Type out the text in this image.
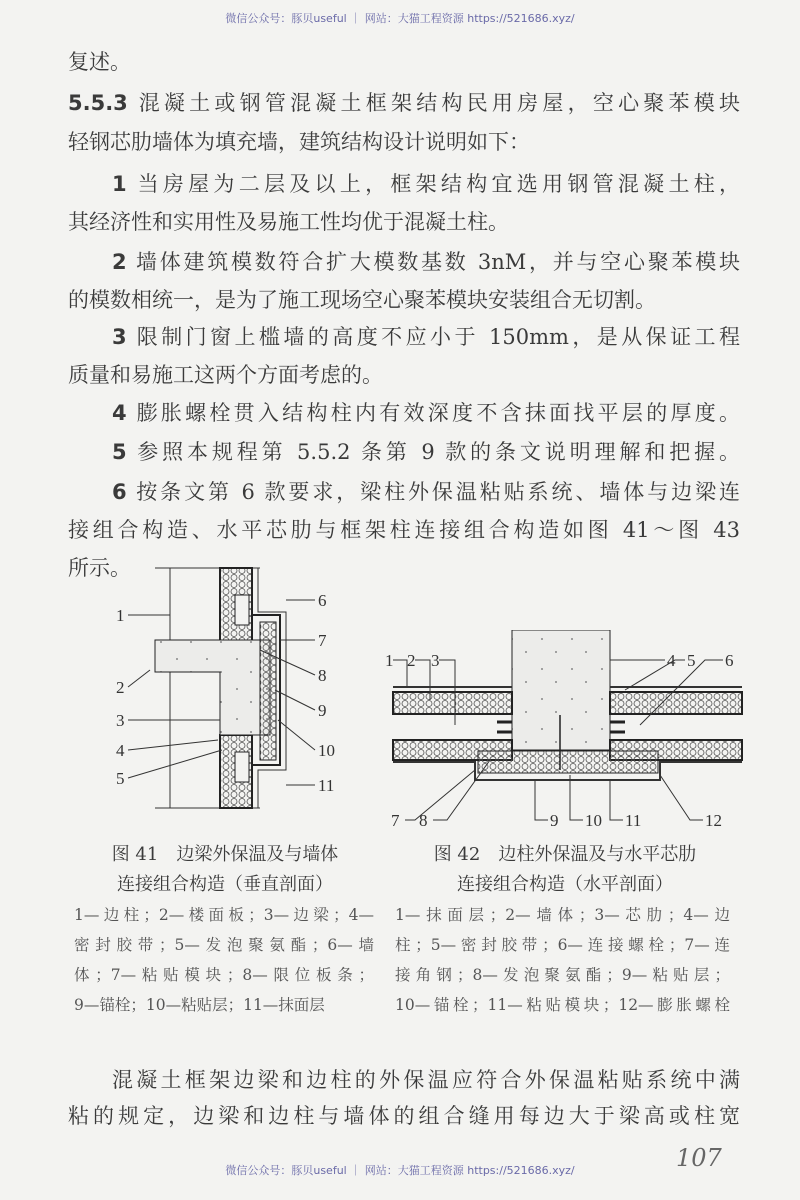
微信公众号：豚贝useful ｜ 网站：大猫工程资源 https://521686.xyz/
复述。
5.5.3 混凝土或钢管混凝土框架结构民用房屋，空心聚苯模块
轻钢芯肋墙体为填充墙，建筑结构设计说明如下：
1 当房屋为二层及以上，框架结构宜选用钢管混凝土柱，
其经济性和实用性及易施工性均优于混凝土柱。
2 墙体建筑模数符合扩大模数基数 3nM，并与空心聚苯模块
的模数相统一，是为了施工现场空心聚苯模块安装组合无切割。
3 限制门窗上槛墙的高度不应小于 150mm，是从保证工程
质量和易施工这两个方面考虑的。
4 膨胀螺栓贯入结构柱内有效深度不含抹面找平层的厚度。
5 参照本规程第 5.5.2 条第 9 款的条文说明理解和把握。
6 按条文第 6 款要求，梁柱外保温粘贴系统、墙体与边梁连
接组合构造、水平芯肋与框架柱连接组合构造如图 41～图 43
所示。
1
2
3
4
5
6
7
8
9
10
11
1 2 3	4 5 6
7 8	9 10 11	12
图 41　边梁外保温及与墙体
连接组合构造（垂直剖面）
图 42　边柱外保温及与水平芯肋
连接组合构造（水平剖面）
1—边柱；2—楼面板；3—边梁；4—
密封胶带；5—发泡聚氨酯；6—墙
体；7—粘贴模块；8—限位板条；
9—锚栓；10—粘贴层；11—抹面层
1—抹面层；2—墙体；3—芯肋；4—边
柱；5—密封胶带；6—连接螺栓；7—连
接角钢；8—发泡聚氨酯；9—粘贴层；
10—锚栓；11—粘贴模块；12—膨胀螺栓
混凝土框架边梁和边柱的外保温应符合外保温粘贴系统中满
粘的规定，边梁和边柱与墙体的组合缝用每边大于梁高或柱宽
107
微信公众号：豚贝useful ｜ 网站：大猫工程资源 https://521686.xyz/
